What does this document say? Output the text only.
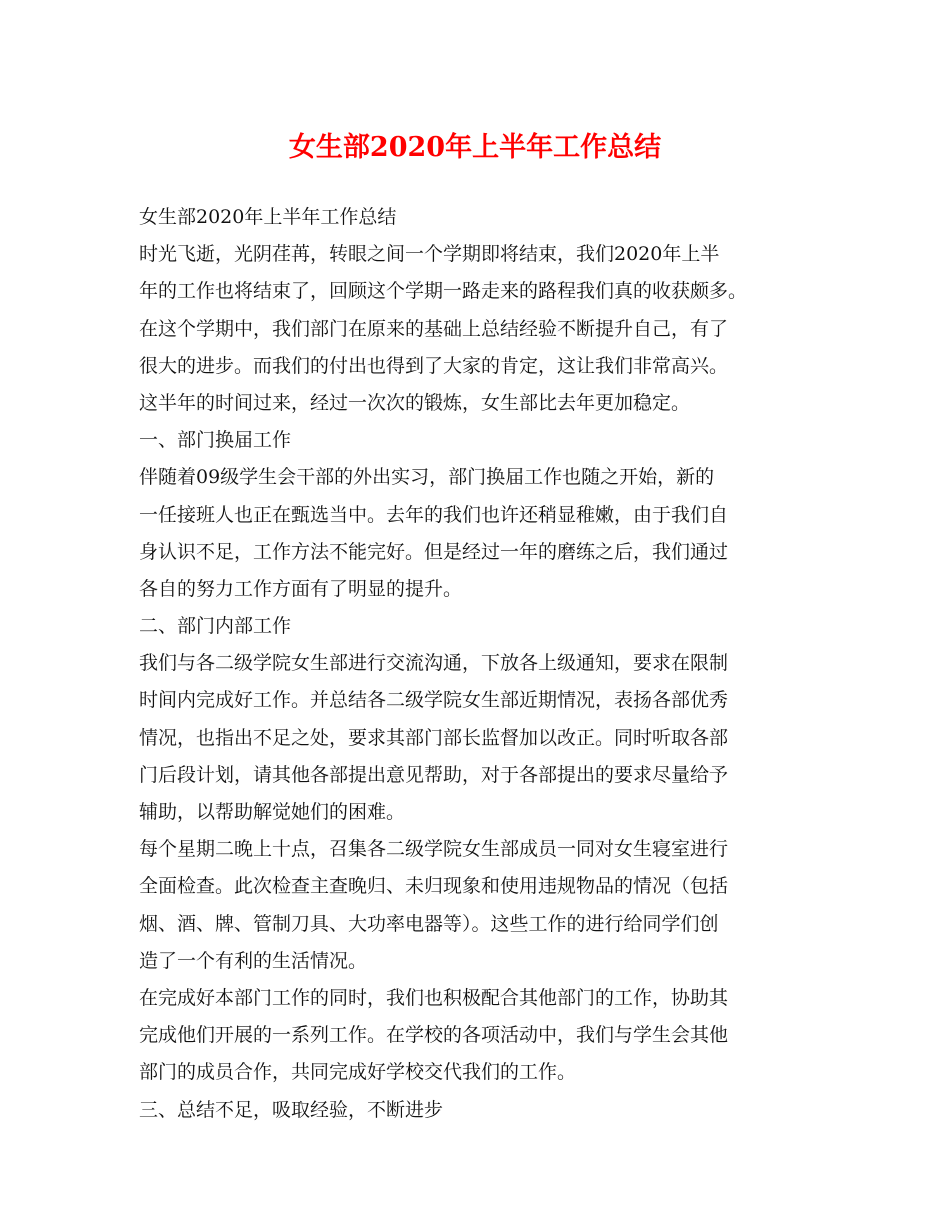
女生部2020年上半年工作总结
女生部2020年上半年工作总结
时光飞逝，光阴荏苒，转眼之间一个学期即将结束，我们2020年上半
年的工作也将结束了，回顾这个学期一路走来的路程我们真的收获颇多。
在这个学期中，我们部门在原来的基础上总结经验不断提升自己，有了
很大的进步。而我们的付出也得到了大家的肯定，这让我们非常高兴。
这半年的时间过来，经过一次次的锻炼，女生部比去年更加稳定。
一、部门换届工作
伴随着09级学生会干部的外出实习，部门换届工作也随之开始，新的
一任接班人也正在甄选当中。去年的我们也许还稍显稚嫩，由于我们自
身认识不足，工作方法不能完好。但是经过一年的磨练之后，我们通过
各自的努力工作方面有了明显的提升。
二、部门内部工作
我们与各二级学院女生部进行交流沟通，下放各上级通知，要求在限制
时间内完成好工作。并总结各二级学院女生部近期情况，表扬各部优秀
情况，也指出不足之处，要求其部门部长监督加以改正。同时听取各部
门后段计划，请其他各部提出意见帮助，对于各部提出的要求尽量给予
辅助，以帮助解觉她们的困难。
每个星期二晚上十点，召集各二级学院女生部成员一同对女生寝室进行
全面检查。此次检查主查晚归、未归现象和使用违规物品的情况（包括
烟、酒、牌、管制刀具、大功率电器等）。这些工作的进行给同学们创
造了一个有利的生活情况。
在完成好本部门工作的同时，我们也积极配合其他部门的工作，协助其
完成他们开展的一系列工作。在学校的各项活动中，我们与学生会其他
部门的成员合作，共同完成好学校交代我们的工作。
三、总结不足，吸取经验，不断进步
